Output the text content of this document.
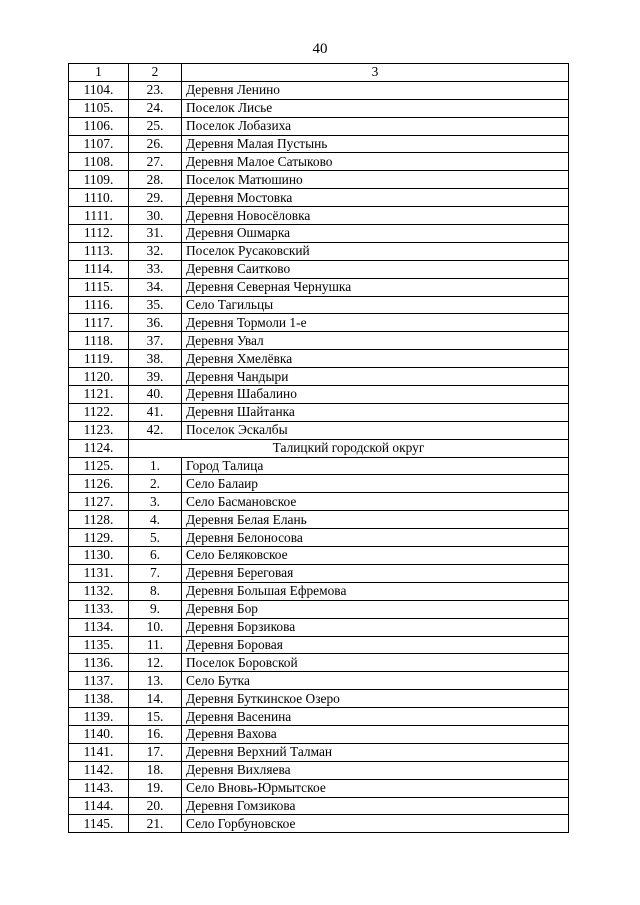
40
1	2	3
1104.	23.	Деревня Ленино
1105.	24.	Поселок Лисье
1106.	25.	Поселок Лобазиха
1107.	26.	Деревня Малая Пустынь
1108.	27.	Деревня Малое Сатыково
1109.	28.	Поселок Матюшино
1110.	29.	Деревня Мостовка
1111.	30.	Деревня Новосёловка
1112.	31.	Деревня Ошмарка
1113.	32.	Поселок Русаковский
1114.	33.	Деревня Саитково
1115.	34.	Деревня Северная Чернушка
1116.	35.	Село Тагильцы
1117.	36.	Деревня Тормоли 1-е
1118.	37.	Деревня Увал
1119.	38.	Деревня Хмелёвка
1120.	39.	Деревня Чандыри
1121.	40.	Деревня Шабалино
1122.	41.	Деревня Шайтанка
1123.	42.	Поселок Эскалбы
1124.	Талицкий городской округ	
1125.	1.	Город Талица
1126.	2.	Село Балаир
1127.	3.	Село Басмановское
1128.	4.	Деревня Белая Елань
1129.	5.	Деревня Белоносова
1130.	6.	Село Беляковское
1131.	7.	Деревня Береговая
1132.	8.	Деревня Большая Ефремова
1133.	9.	Деревня Бор
1134.	10.	Деревня Борзикова
1135.	11.	Деревня Боровая
1136.	12.	Поселок Боровской
1137.	13.	Село Бутка
1138.	14.	Деревня Буткинское Озеро
1139.	15.	Деревня Васенина
1140.	16.	Деревня Вахова
1141.	17.	Деревня Верхний Талман
1142.	18.	Деревня Вихляева
1143.	19.	Село Вновь-Юрмытское
1144.	20.	Деревня Гомзикова
1145.	21.	Село Горбуновское
